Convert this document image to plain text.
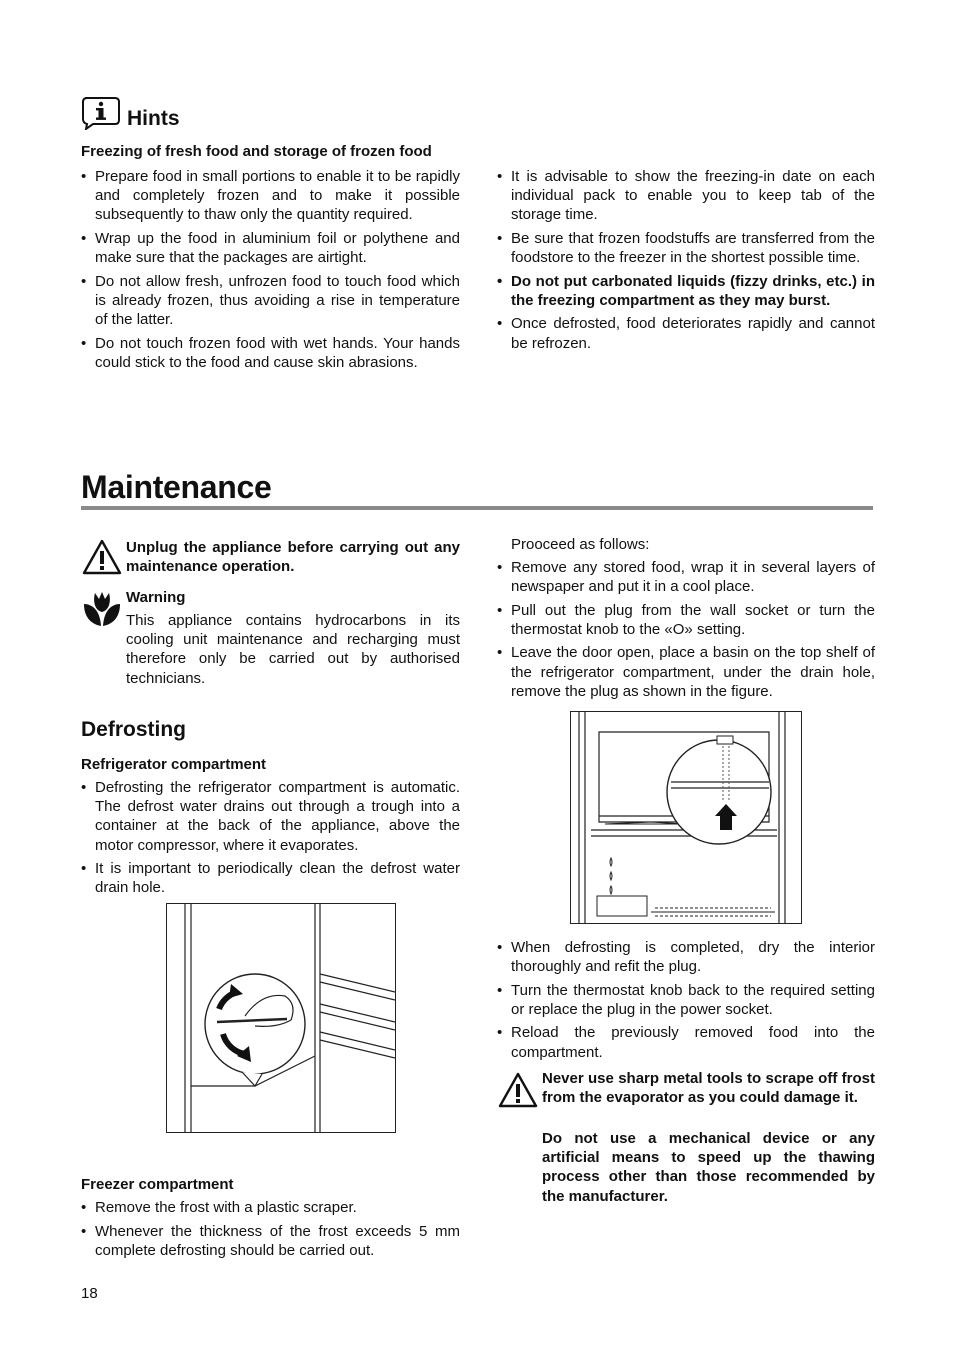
Hints
Freezing of fresh food and storage of frozen food
• Prepare food in small portions to enable it to be rapidly and completely frozen and to make it possible subsequently to thaw only the quantity required.
• Wrap up the food in aluminium foil or polythene and make sure that the packages are airtight.
• Do not allow fresh, unfrozen food to touch food which is already frozen, thus avoiding a rise in temperature of the latter.
• Do not touch frozen food with wet hands. Your hands could stick to the food and cause skin abrasions.
• It is advisable to show the freezing-in date on each individual pack to enable you to keep tab of the storage time.
• Be sure that frozen foodstuffs are transferred from the foodstore to the freezer in the shortest possible time.
• Do not put carbonated liquids (fizzy drinks, etc.) in the freezing compartment as they may burst.
• Once defrosted, food deteriorates rapidly and cannot be refrozen.
Maintenance
Unplug the appliance before carrying out any maintenance operation.
Warning
This appliance contains hydrocarbons in its cooling unit maintenance and recharging must therefore only be carried out by authorised technicians.
Defrosting
Refrigerator compartment
• Defrosting the refrigerator compartment is automatic. The defrost water drains out through a trough into a container at the back of the appliance, above the motor compressor, where it evaporates.
• It is important to periodically clean the defrost water drain hole.
Freezer compartment
• Remove the frost with a plastic scraper.
• Whenever the thickness of the frost exceeds 5 mm complete defrosting should be carried out.
Prooceed as follows:
• Remove any stored food, wrap it in several layers of newspaper and put it in a cool place.
• Pull out the plug from the wall socket or turn the thermostat knob to the «O» setting.
• Leave the door open, place a basin on the top shelf of the refrigerator compartment, under the drain hole, remove the plug as shown in the figure.
• When defrosting is completed, dry the interior thoroughly and refit the plug.
• Turn the thermostat knob back to the required setting or replace the plug in the power socket.
• Reload the previously removed food into the compartment.
Never use sharp metal tools to scrape off frost from the evaporator as you could damage it.
Do not use a mechanical device or any artificial means to speed up the thawing process other than those recommended by the manufacturer.
18
